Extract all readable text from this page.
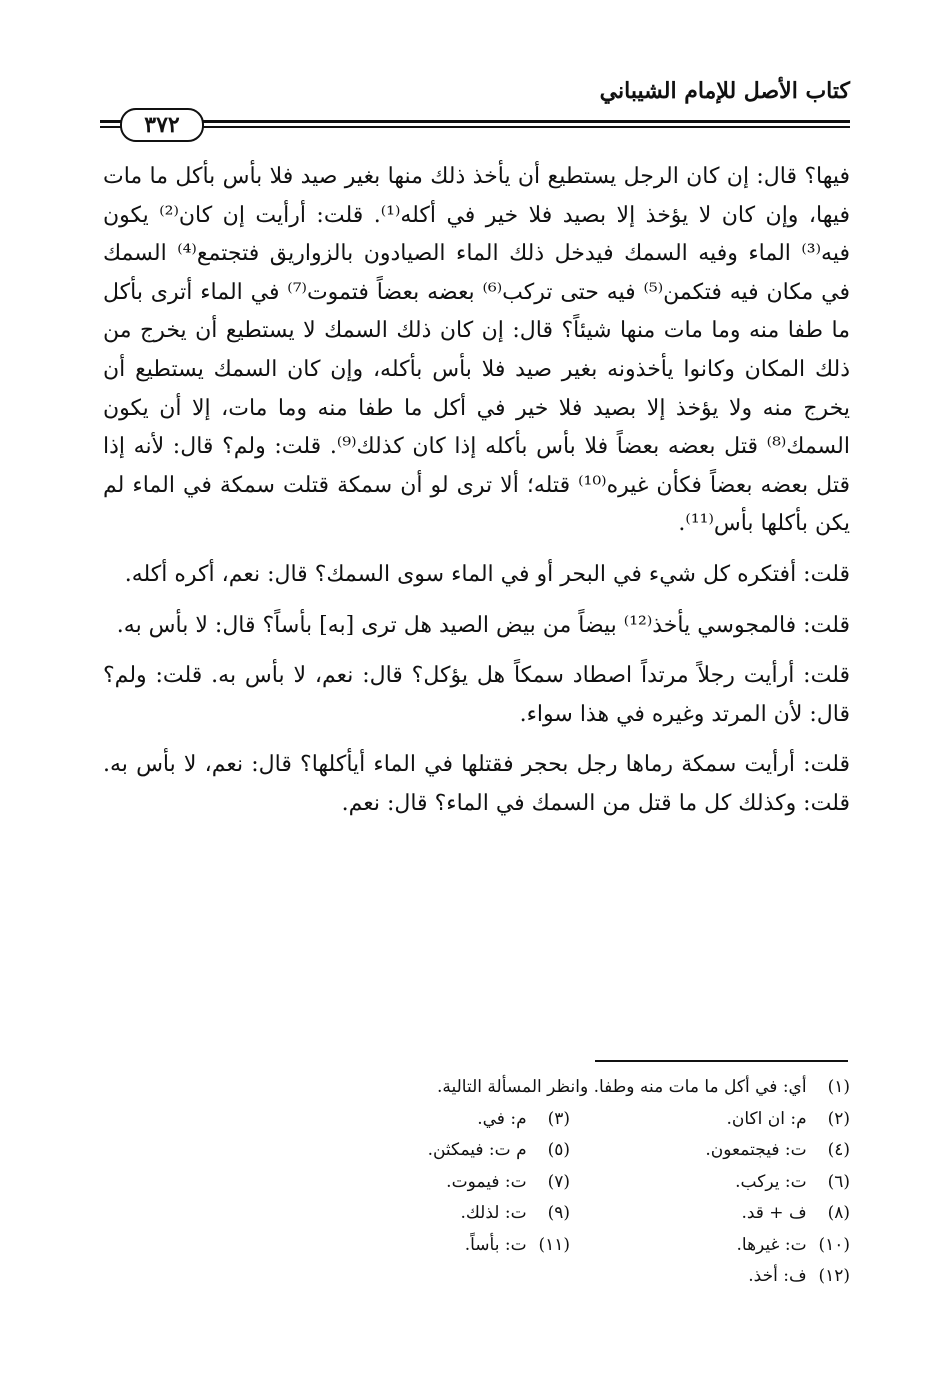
كتاب الأصل للإمام الشيباني
٣٧٢

فيها؟ قال: إن كان الرجل يستطيع أن يأخذ ذلك منها بغير صيد فلا بأس بأكل ما مات فيها، وإن كان لا يؤخذ إلا بصيد فلا خير في أكله⁽¹⁾. قلت: أرأيت إن كان⁽²⁾ يكون فيه⁽³⁾ الماء وفيه السمك فيدخل ذلك الماء الصيادون بالزواريق فتجتمع⁽⁴⁾ السمك في مكان فيه فتكمن⁽⁵⁾ فيه حتى تركب⁽⁶⁾ بعضه بعضاً فتموت⁽⁷⁾ في الماء أترى بأكل ما طفا منه وما مات منها شيئاً؟ قال: إن كان ذلك السمك لا يستطيع أن يخرج من ذلك المكان وكانوا يأخذونه بغير صيد فلا بأس بأكله، وإن كان السمك يستطيع أن يخرج منه ولا يؤخذ إلا بصيد فلا خير في أكل ما طفا منه وما مات، إلا أن يكون السمك⁽⁸⁾ قتل بعضه بعضاً فلا بأس بأكله إذا كان كذلك⁽⁹⁾. قلت: ولم؟ قال: لأنه إذا قتل بعضه بعضاً فكأن غيره⁽¹⁰⁾ قتله؛ ألا ترى لو أن سمكة قتلت سمكة في الماء لم يكن بأكلها بأس⁽¹¹⁾.

قلت: أفتكره كل شيء في البحر أو في الماء سوى السمك؟ قال: نعم، أكره أكله.

قلت: فالمجوسي يأخذ⁽¹²⁾ بيضاً من بيض الصيد هل ترى [به] بأساً؟ قال: لا بأس به.

قلت: أرأيت رجلاً مرتداً اصطاد سمكاً هل يؤكل؟ قال: نعم، لا بأس به. قلت: ولم؟ قال: لأن المرتد وغيره في هذا سواء.

قلت: أرأيت سمكة رماها رجل بحجر فقتلها في الماء أيأكلها؟ قال: نعم، لا بأس به. قلت: وكذلك كل ما قتل من السمك في الماء؟ قال: نعم.

(١) أي: في أكل ما مات منه وطفا. وانظر المسألة التالية.
(٢) م: ان اكان.
(٣) م: في.
(٤) ت: فيجتمعون.
(٥) م ت: فيمكثن.
(٦) ت: يركب.
(٧) ت: فيموت.
(٨) ف + قد.
(٩) ت: لذلك.
(١٠) ت: غيرها.
(١١) ت: بأساً.
(١٢) ف: أخذ.
